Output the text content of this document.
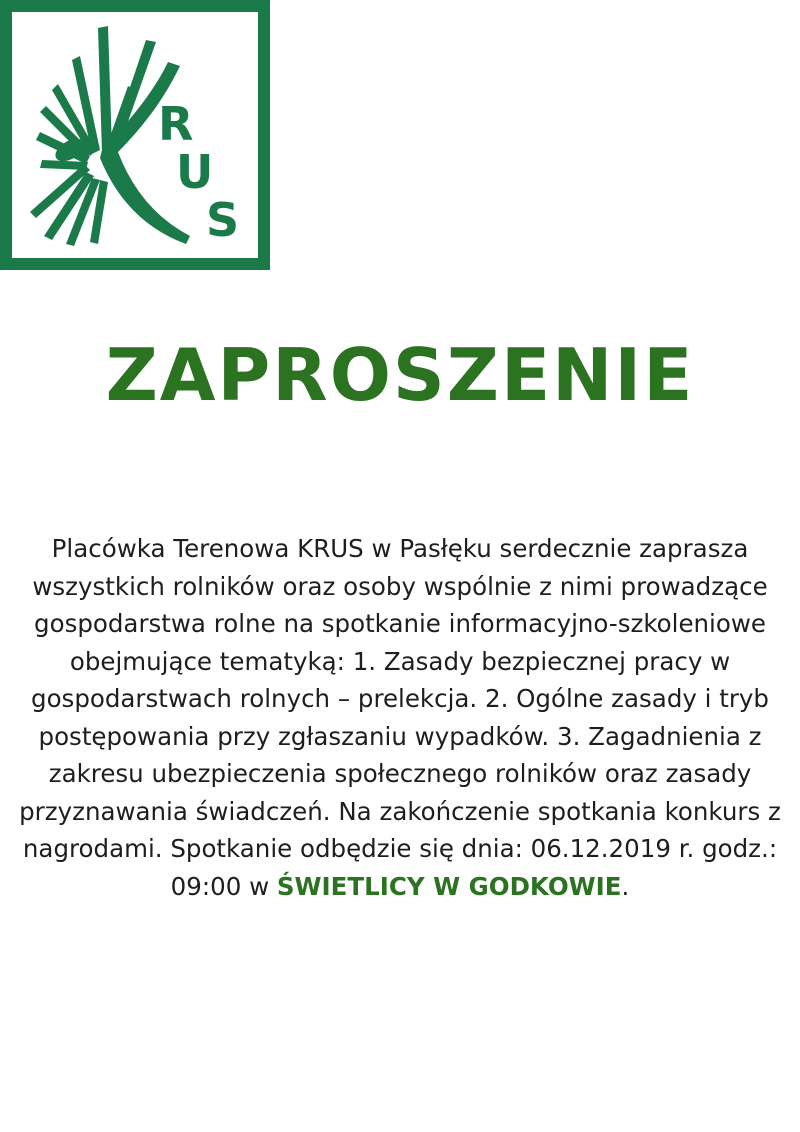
R
U
S
ZAPROSZENIE

Placówka Terenowa KRUS w Pasłęku serdecznie zaprasza wszystkich rolników oraz osoby wspólnie z nimi prowadzące gospodarstwa rolne na spotkanie informacyjno-szkoleniowe obejmujące tematyką: 1. Zasady bezpiecznej pracy w gospodarstwach rolnych – prelekcja. 2. Ogólne zasady i tryb postępowania przy zgłaszaniu wypadków. 3. Zagadnienia z zakresu ubezpieczenia społecznego rolników oraz zasady przyznawania świadczeń. Na zakończenie spotkania konkurs z nagrodami. Spotkanie odbędzie się dnia: 06.12.2019 r. godz.: 09:00 w ŚWIETLICY W GODKOWIE.
